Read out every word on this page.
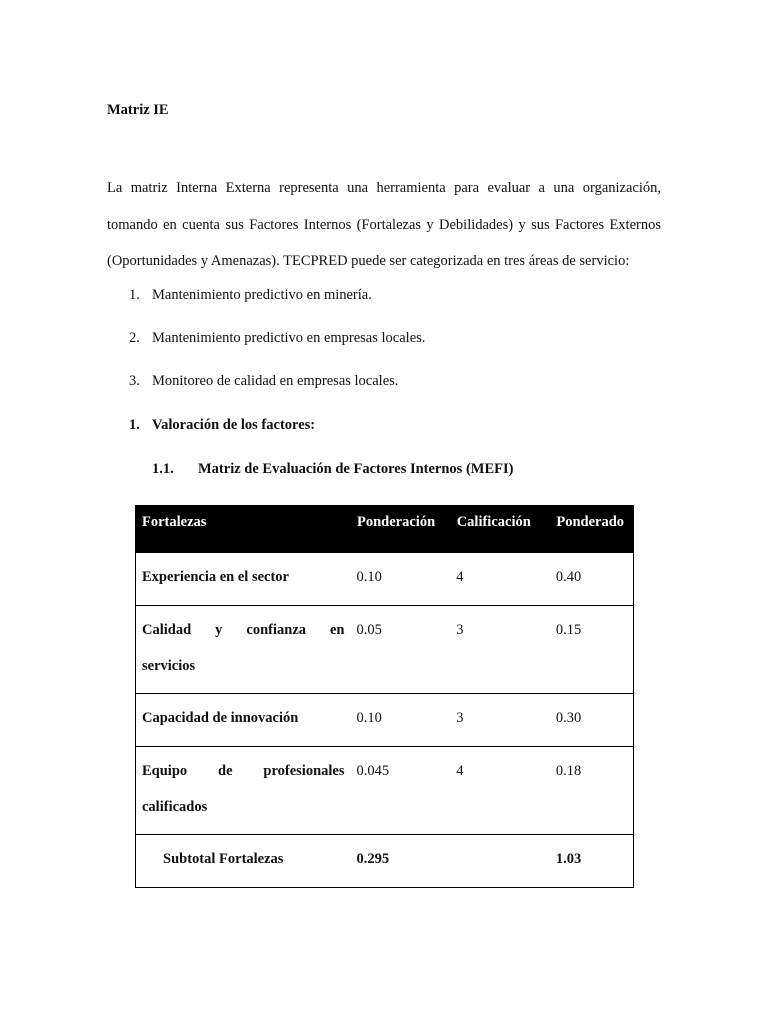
Matriz IE

La matriz Interna Externa representa una herramienta para evaluar a una organización, tomando en cuenta sus Factores Internos (Fortalezas y Debilidades) y sus Factores Externos (Oportunidades y Amenazas). TECPRED puede ser categorizada en tres áreas de servicio:

1. Mantenimiento predictivo en minería.
2. Mantenimiento predictivo en empresas locales.
3. Monitoreo de calidad en empresas locales.
1. Valoración de los factores:
1.1. Matriz de Evaluación de Factores Internos (MEFI)
Fortalezas	Ponderación	Calificación	Ponderado
Experiencia en el sector	0.10	4	0.40
Calidad y confianza en
servicios	0.05	3	0.15
Capacidad de innovación	0.10	3	0.30
Equipo de profesionales
calificados	0.045	4	0.18
Subtotal Fortalezas	0.295		1.03
